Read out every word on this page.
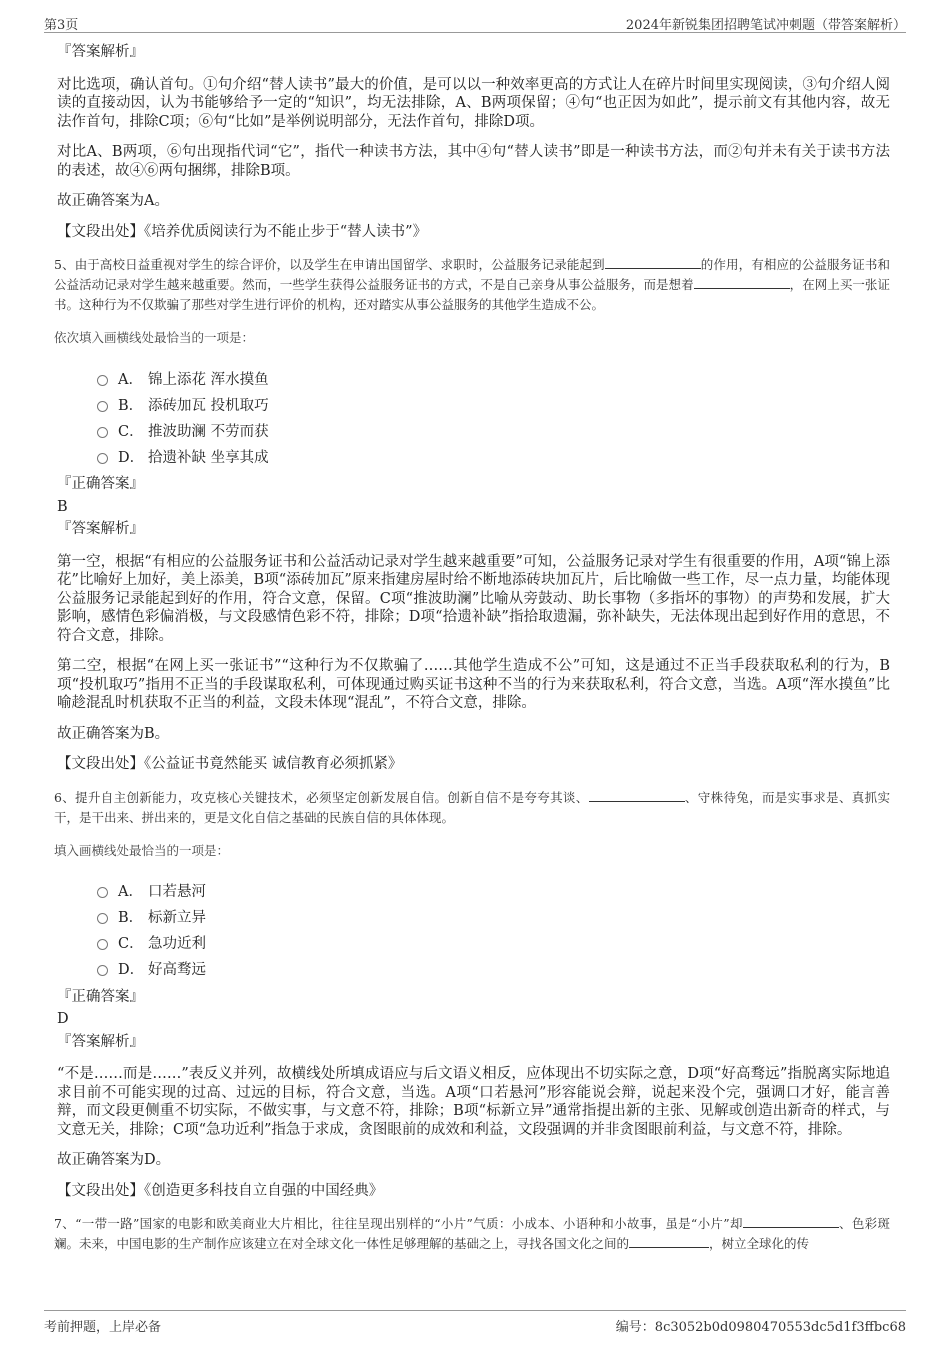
第3页	2024年新锐集团招聘笔试冲刺题（带答案解析）
『答案解析』

对比选项，确认首句。①句介绍“替人读书”最大的价值，是可以以一种效率更高的方式让人在碎片时间里实现阅读，③句介绍人阅读的直接动因，认为书能够给予一定的“知识”，均无法排除，A、B两项保留；④句“也正因为如此”，提示前文有其他内容，故无法作首句，排除C项；⑥句“比如”是举例说明部分，无法作首句，排除D项。

对比A、B两项，⑥句出现指代词“它”，指代一种读书方法，其中④句“替人读书”即是一种读书方法，而②句并未有关于读书方法的表述，故④⑥两句捆绑，排除B项。

故正确答案为A。

【文段出处】《培养优质阅读行为不能止步于“替人读书”》
5、由于高校日益重视对学生的综合评价，以及学生在申请出国留学、求职时，公益服务记录能起到	的作用，有相应的公益服务证书和公益活动记录对学生越来越重要。然而，一些学生获得公益服务证书的方式，不是自己亲身从事公益服务，而是想着	，在网上买一张证书。这种行为不仅欺骗了那些对学生进行评价的机构，还对踏实从事公益服务的其他学生造成不公。
依次填入画横线处最恰当的一项是：
A． 锦上添花 浑水摸鱼
B． 添砖加瓦 投机取巧
C． 推波助澜 不劳而获
D． 拾遗补缺 坐享其成
『正确答案』
B
『答案解析』

第一空，根据“有相应的公益服务证书和公益活动记录对学生越来越重要”可知，公益服务记录对学生有很重要的作用，A项“锦上添花”比喻好上加好，美上添美，B项“添砖加瓦”原来指建房屋时给不断地添砖块加瓦片，后比喻做一些工作，尽一点力量，均能体现公益服务记录能起到好的作用，符合文意，保留。C项“推波助澜”比喻从旁鼓动、助长事物（多指坏的事物）的声势和发展，扩大影响，感情色彩偏消极，与文段感情色彩不符，排除；D项“拾遗补缺”指拾取遗漏，弥补缺失，无法体现出起到好作用的意思，不符合文意，排除。

第二空，根据“在网上买一张证书”“这种行为不仅欺骗了……其他学生造成不公”可知，这是通过不正当手段获取私利的行为，B项“投机取巧”指用不正当的手段谋取私利，可体现通过购买证书这种不当的行为来获取私利，符合文意，当选。A项“浑水摸鱼”比喻趁混乱时机获取不正当的利益，文段未体现“混乱”，不符合文意，排除。

故正确答案为B。

【文段出处】《公益证书竟然能买 诚信教育必须抓紧》
6、提升自主创新能力，攻克核心关键技术，必须坚定创新发展自信。创新自信不是夸夸其谈、	、守株待兔，而是实事求是、真抓实干，是干出来、拼出来的，更是文化自信之基础的民族自信的具体体现。
填入画横线处最恰当的一项是：
A． 口若悬河
B． 标新立异
C． 急功近利
D． 好高骛远
『正确答案』
D
『答案解析』

“不是……而是……”表反义并列，故横线处所填成语应与后文语义相反，应体现出不切实际之意，D项“好高骛远”指脱离实际地追求目前不可能实现的过高、过远的目标，符合文意，当选。A项“口若悬河”形容能说会辩，说起来没个完，强调口才好，能言善辩，而文段更侧重不切实际，不做实事，与文意不符，排除；B项“标新立异”通常指提出新的主张、见解或创造出新奇的样式，与文意无关，排除；C项“急功近利”指急于求成，贪图眼前的成效和利益，文段强调的并非贪图眼前利益，与文意不符，排除。

故正确答案为D。

【文段出处】《创造更多科技自立自强的中国经典》
7、“一带一路”国家的电影和欧美商业大片相比，往往呈现出别样的“小片”气质：小成本、小语种和小故事，虽是“小片”却	、色彩斑斓。未来，中国电影的生产制作应该建立在对全球文化一体性足够理解的基础之上，寻找各国文化之间的	，树立全球化的传
考前押题，上岸必备	编号：8c3052b0d0980470553dc5d1f3ffbc68
